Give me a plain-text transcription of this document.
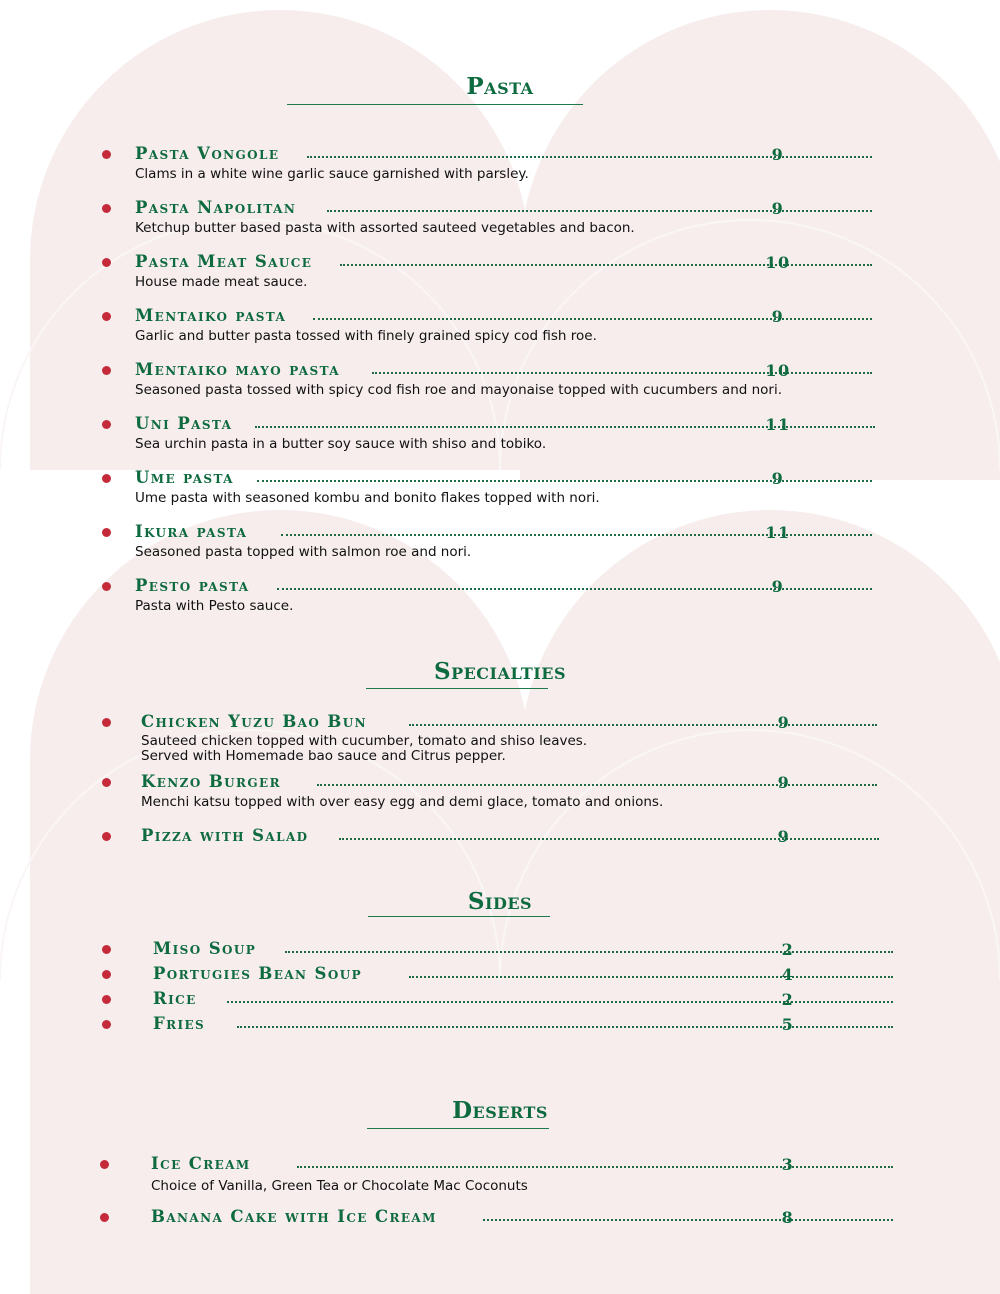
Pasta
Pasta Vongole	9
Clams in a white wine garlic sauce garnished with parsley.
Pasta Napolitan	9
Ketchup butter based pasta with assorted sauteed vegetables and bacon.
Pasta Meat Sauce	10
House made meat sauce.
Mentaiko pasta	9
Garlic and butter pasta tossed with finely grained spicy cod fish roe.
Mentaiko mayo pasta	10
Seasoned pasta tossed with spicy cod fish roe and mayonaise topped with cucumbers and nori.
Uni Pasta	11
Sea urchin pasta in a butter soy sauce with shiso and tobiko.
Ume pasta	9
Ume pasta with seasoned kombu and bonito flakes topped with nori.
Ikura pasta	11
Seasoned pasta topped with salmon roe and nori.
Pesto pasta	9
Pasta with Pesto sauce.
Specialties
Chicken Yuzu Bao Bun	9
Sauteed chicken topped with cucumber, tomato and shiso leaves.
Served with Homemade bao sauce and Citrus pepper.
Kenzo Burger	9
Menchi katsu topped with over easy egg and demi glace, tomato and onions.
Pizza with Salad	9
Sides
Miso Soup	2
Portugies Bean Soup	4
Rice	2
Fries	5
Deserts
Ice Cream	3
Choice of Vanilla, Green Tea or Chocolate Mac Coconuts
Banana Cake with Ice Cream	8
